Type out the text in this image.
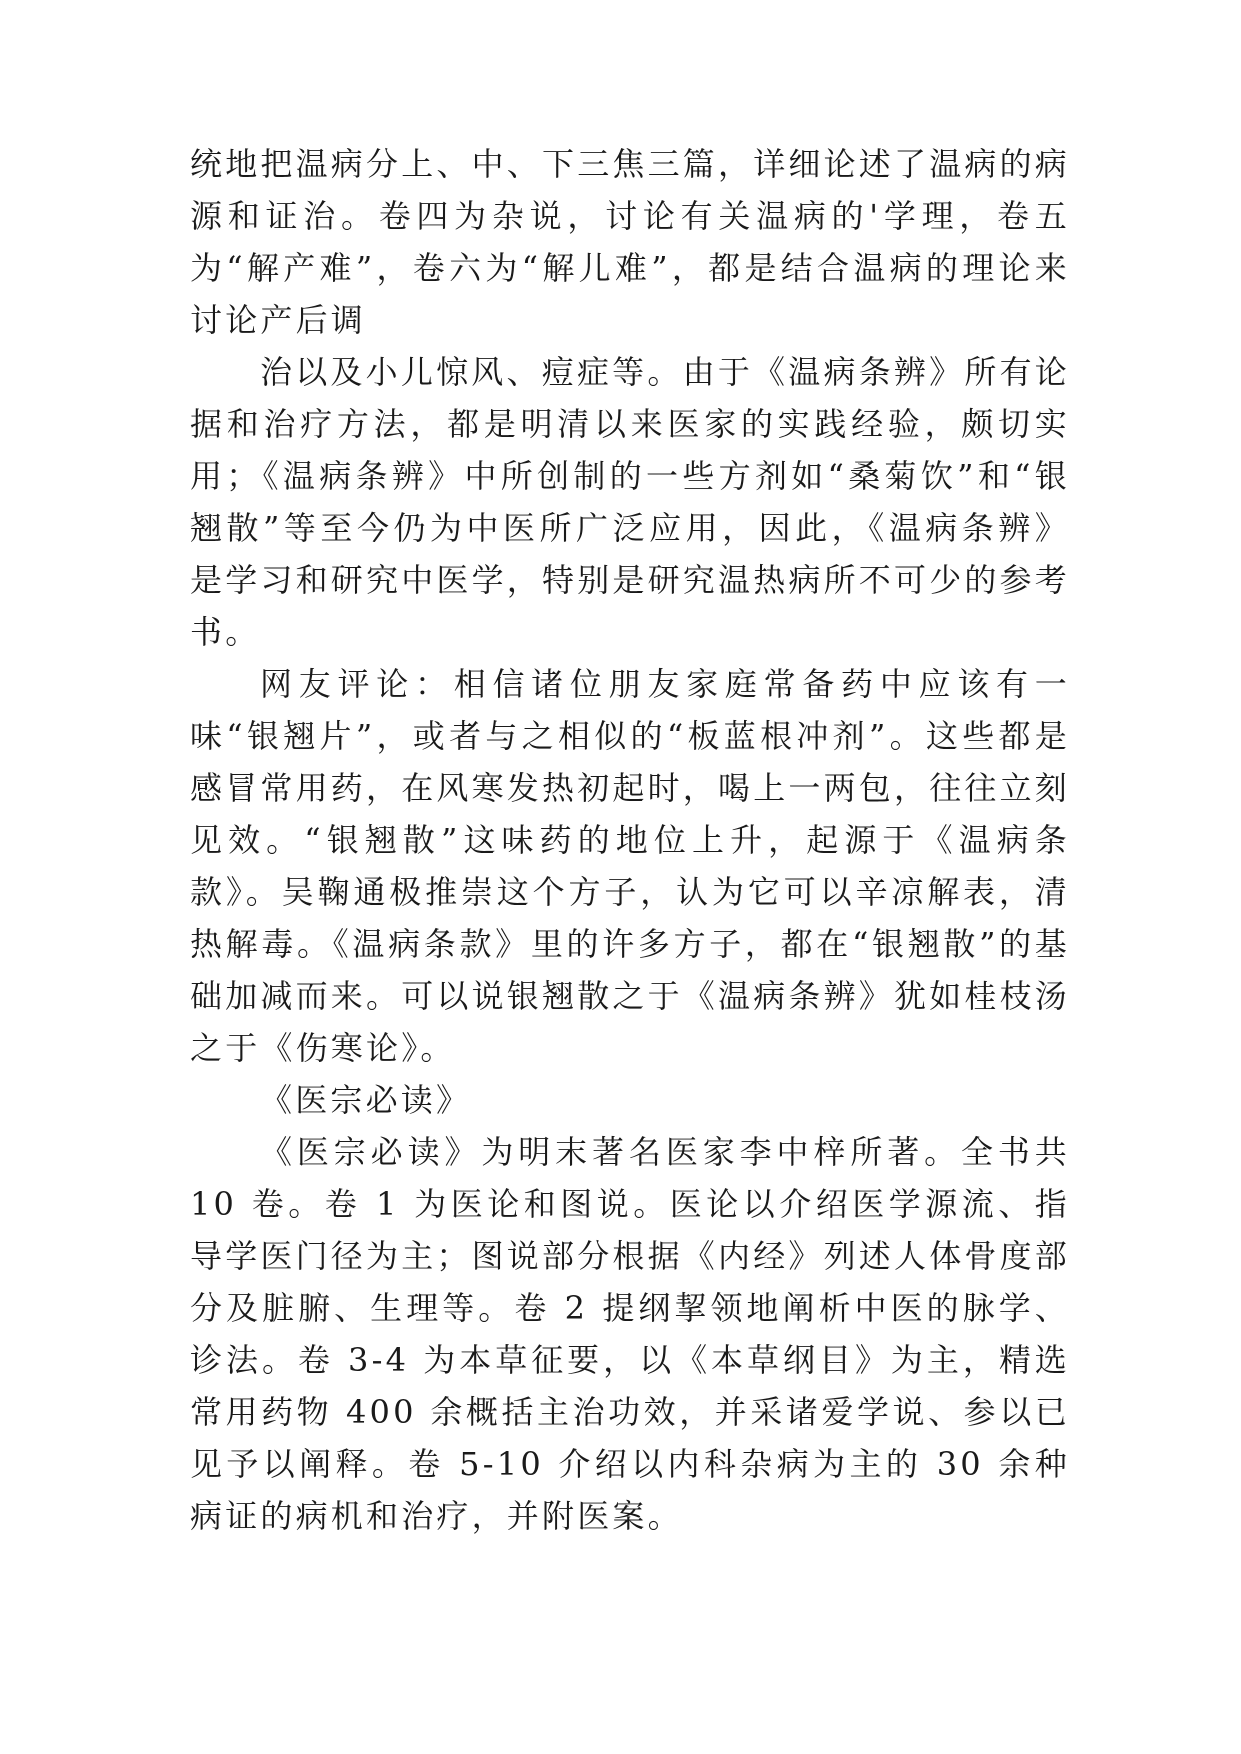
统地把温病分上、中、下三焦三篇，详细论述了温病的病源和证治。卷四为杂说，讨论有关温病的'学理，卷五为“解产难”，卷六为“解儿难”，都是结合温病的理论来讨论产后调

治以及小儿惊风、痘症等。由于《温病条辨》所有论据和治疗方法，都是明清以来医家的实践经验，颇切实用；《温病条辨》中所创制的一些方剂如“桑菊饮”和“银翘散”等至今仍为中医所广泛应用，因此，《温病条辨》是学习和研究中医学，特别是研究温热病所不可少的参考书。

网友评论：相信诸位朋友家庭常备药中应该有一味“银翘片”，或者与之相似的“板蓝根冲剂”。这些都是感冒常用药，在风寒发热初起时，喝上一两包，往往立刻见效。“银翘散”这味药的地位上升，起源于《温病条款》。吴鞠通极推崇这个方子，认为它可以辛凉解表，清热解毒。《温病条款》里的许多方子，都在“银翘散”的基础加减而来。可以说银翘散之于《温病条辨》犹如桂枝汤之于《伤寒论》。

《医宗必读》

《医宗必读》为明末著名医家李中梓所著。全书共 10 卷。卷 1 为医论和图说。医论以介绍医学源流、指导学医门径为主；图说部分根据《内经》列述人体骨度部分及脏腑、生理等。卷 2 提纲挈领地阐析中医的脉学、诊法。卷 3-4 为本草征要，以《本草纲目》为主，精选常用药物 400 余概括主治功效，并采诸爱学说、参以已见予以阐释。卷 5-10 介绍以内科杂病为主的 30 余种病证的病机和治疗，并附医案。
